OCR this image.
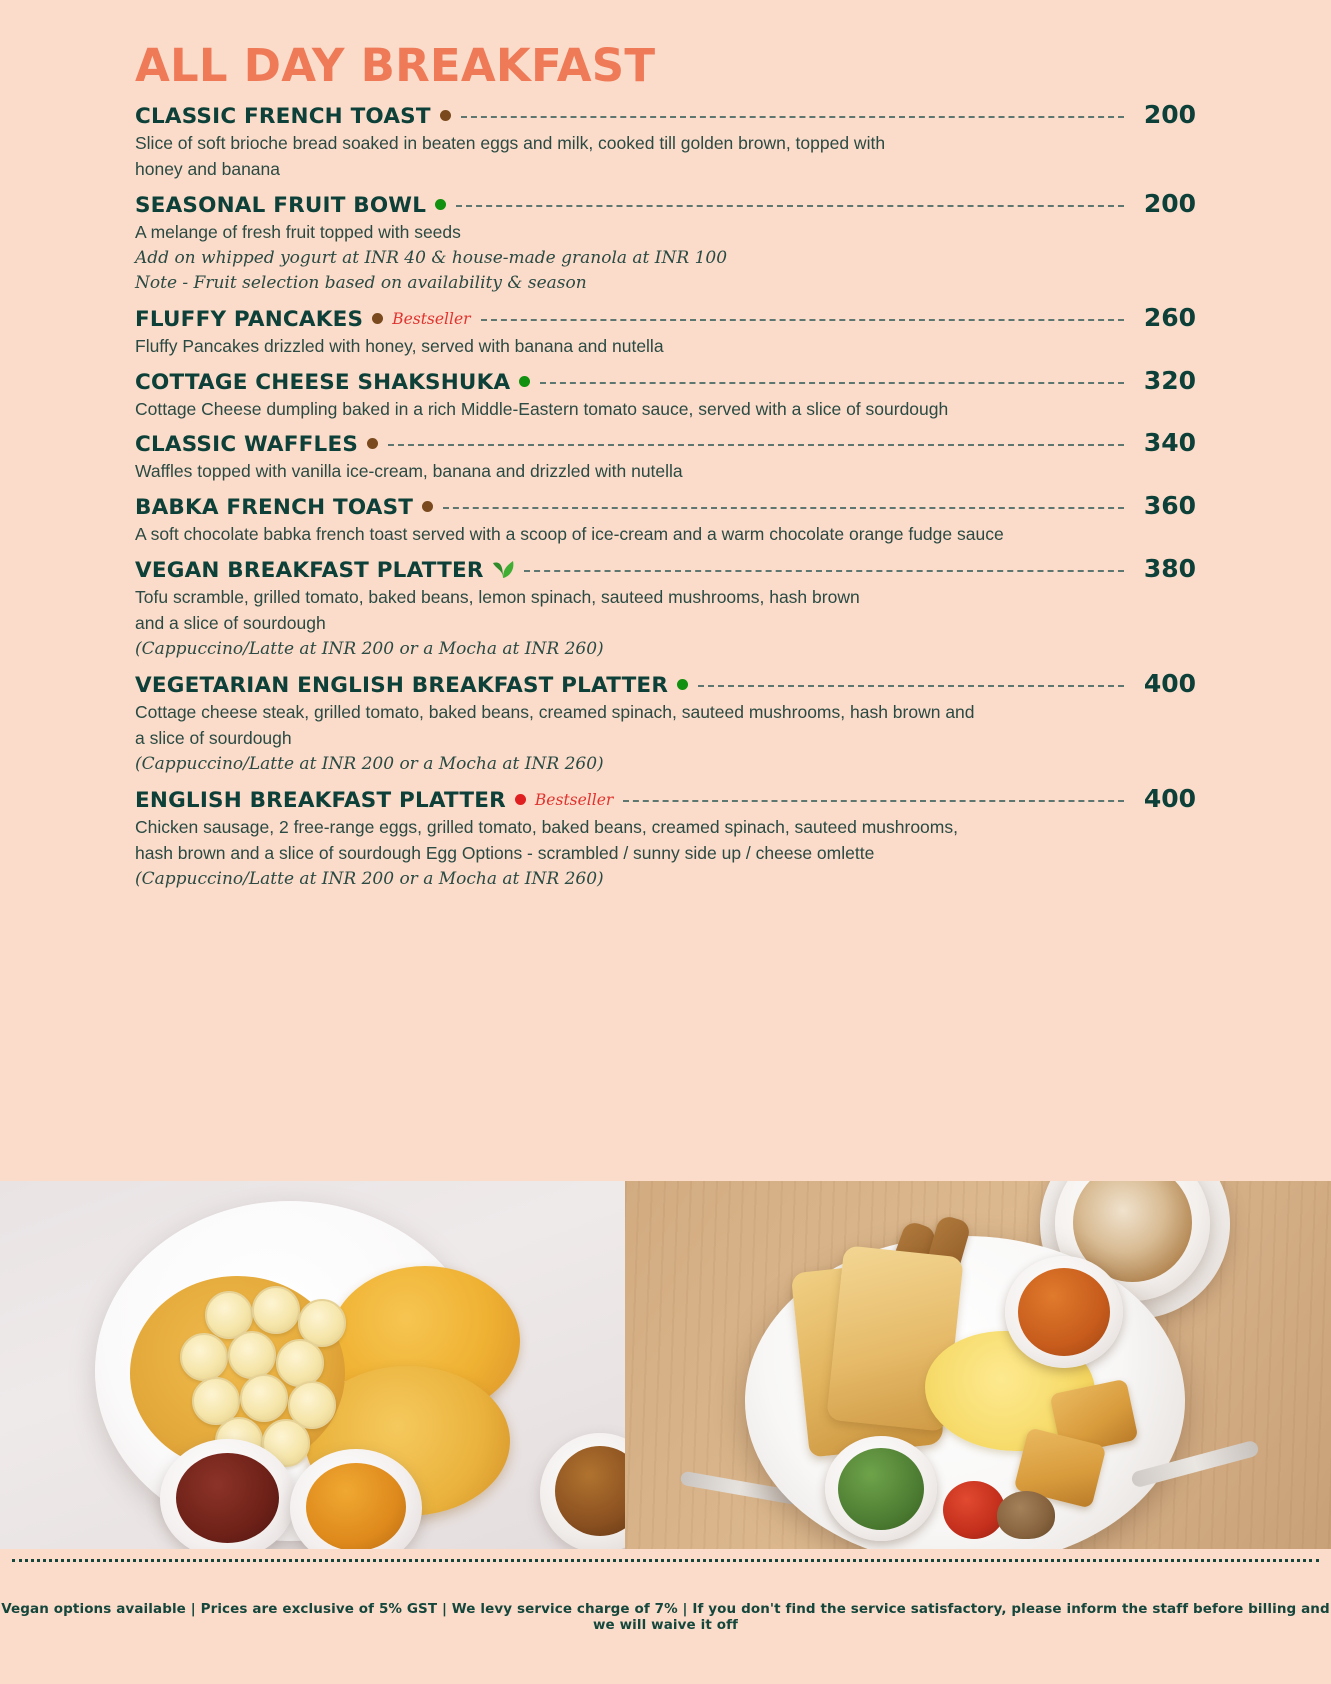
ALL DAY BREAKFAST
CLASSIC FRENCH TOAST	200
Slice of soft brioche bread soaked in beaten eggs and milk, cooked till golden brown, topped with
honey and banana
SEASONAL FRUIT BOWL	200
A melange of fresh fruit topped with seeds
Add on whipped yogurt at INR 40 & house-made granola at INR 100
Note - Fruit selection based on availability & season
FLUFFY PANCAKES Bestseller	260
Fluffy Pancakes drizzled with honey, served with banana and nutella
COTTAGE CHEESE SHAKSHUKA	320
Cottage Cheese dumpling baked in a rich Middle-Eastern tomato sauce, served with a slice of sourdough
CLASSIC WAFFLES	340
Waffles topped with vanilla ice-cream, banana and drizzled with nutella
BABKA FRENCH TOAST	360
A soft chocolate babka french toast served with a scoop of ice-cream and a warm chocolate orange fudge sauce
VEGAN BREAKFAST PLATTER	380
Tofu scramble, grilled tomato, baked beans, lemon spinach, sauteed mushrooms, hash brown
and a slice of sourdough
(Cappuccino/Latte at INR 200 or a Mocha at INR 260)
VEGETARIAN ENGLISH BREAKFAST PLATTER	400
Cottage cheese steak, grilled tomato, baked beans, creamed spinach, sauteed mushrooms, hash brown and
a slice of sourdough
(Cappuccino/Latte at INR 200 or a Mocha at INR 260)
ENGLISH BREAKFAST PLATTER Bestseller	400
Chicken sausage, 2 free-range eggs, grilled tomato, baked beans, creamed spinach, sauteed mushrooms,
hash brown and a slice of sourdough Egg Options - scrambled / sunny side up / cheese omlette
(Cappuccino/Latte at INR 200 or a Mocha at INR 260)
Vegan options available | Prices are exclusive of 5% GST | We levy service charge of 7% | If you don't find the service satisfactory, please inform the staff before billing and we will waive it off
